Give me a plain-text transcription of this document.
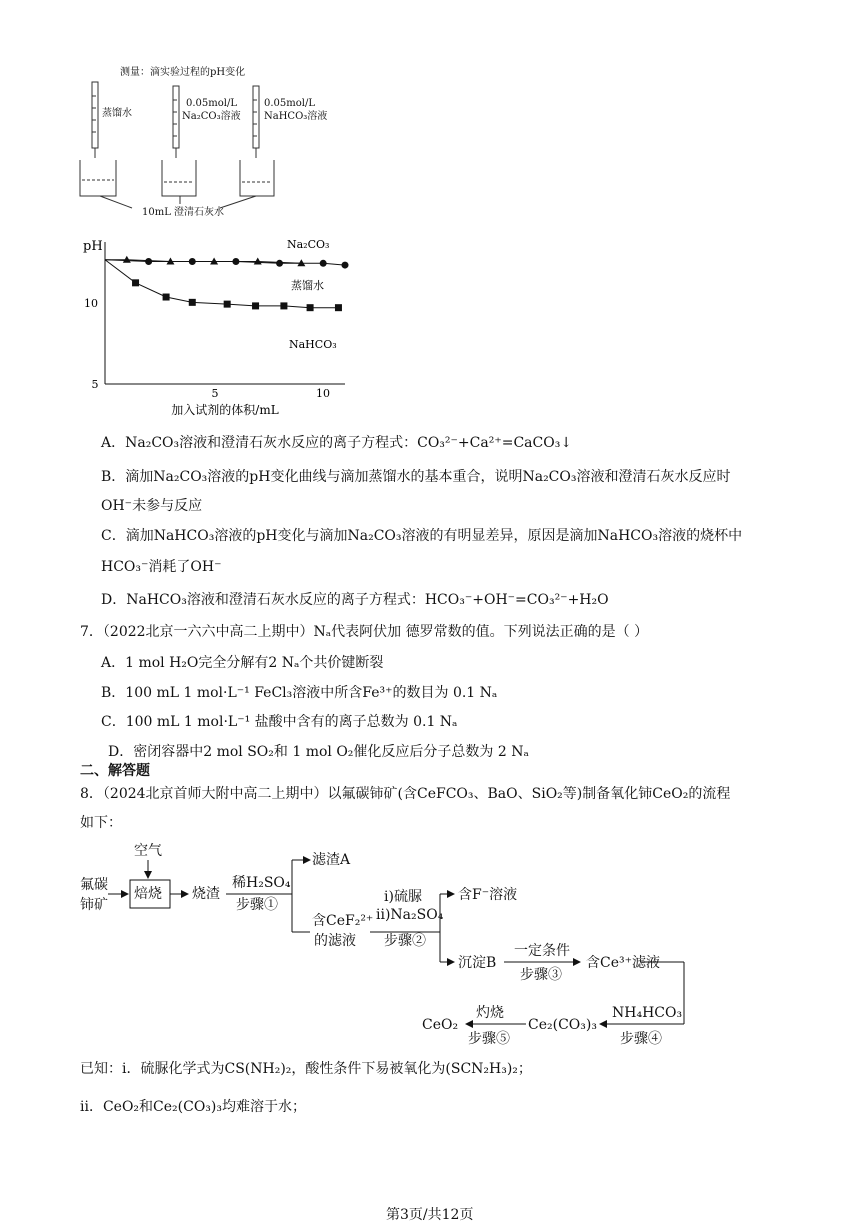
测量：滴实验过程的pH变化
蒸馏水
0.05mol/L
Na₂CO₃溶液
0.05mol/L
NaHCO₃溶液
10mL 澄清石灰水
pH
加入试剂的体积/mL
5	10
5
10
Na₂CO₃
蒸馏水
NaHCO₃
A．Na₂CO₃溶液和澄清石灰水反应的离子方程式：CO₃²⁻+Ca²⁺=CaCO₃↓
B．滴加Na₂CO₃溶液的pH变化曲线与滴加蒸馏水的基本重合，说明Na₂CO₃溶液和澄清石灰水反应时
OH⁻未参与反应
C．滴加NaHCO₃溶液的pH变化与滴加Na₂CO₃溶液的有明显差异，原因是滴加NaHCO₃溶液的烧杯中
HCO₃⁻消耗了OH⁻
D．NaHCO₃溶液和澄清石灰水反应的离子方程式：HCO₃⁻+OH⁻=CO₃²⁻+H₂O
7．（2022北京一六六中高二上期中）Nₐ代表阿伏加 德罗常数的值。下列说法正确的是（ ）
A．1 mol H₂O完全分解有2 Nₐ个共价键断裂
B．100 mL 1 mol·L⁻¹ FeCl₃溶液中所含Fe³⁺的数目为 0.1 Nₐ
C．100 mL 1 mol·L⁻¹ 盐酸中含有的离子总数为 0.1 Nₐ
D．密闭容器中2 mol SO₂和 1 mol O₂催化反应后分子总数为 2 Nₐ
二、解答题
8．（2024北京首师大附中高二上期中）以氟碳铈矿(含CeFCO₃、BaO、SiO₂等)制备氧化铈CeO₂的流程
如下：
空气
氟碳
铈矿
焙烧 烧渣
稀H₂SO₄
步骤①
滤渣A
含CeF₂²⁺
的滤液
i)硫脲
ii)Na₂SO₄
步骤②
含F⁻溶液
沉淀B
一定条件
步骤③
含Ce³⁺滤液
NH₄HCO₃
步骤④
Ce₂(CO₃)₃
灼烧
步骤⑤
CeO₂
已知：i．硫脲化学式为CS(NH₂)₂，酸性条件下易被氧化为(SCN₂H₃)₂；
ii．CeO₂和Ce₂(CO₃)₃均难溶于水；
第3页/共12页
